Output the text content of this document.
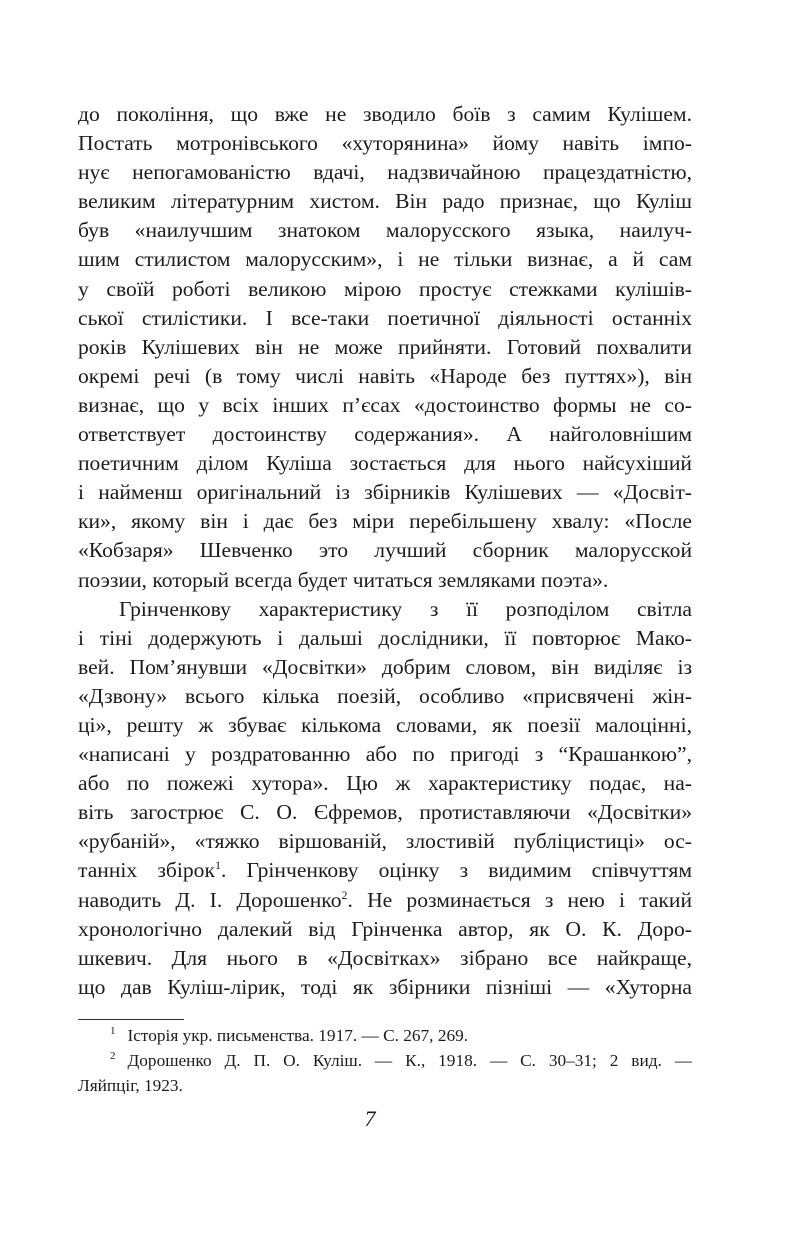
до покоління, що вже не зводило боїв з самим Кулішем.
Постать мотронівського «хуторянина» йому навіть імпо-
нує непогамованістю вдачі, надзвичайною працездатністю,
великим літературним хистом. Він радо признає, що Куліш
був «наилучшим знатоком малорусского языка, наилуч-
шим стилистом малорусским», і не тільки визнає, а й сам
у своїй роботі великою мірою простує стежками кулішів-
ської стилістики. І все-таки поетичної діяльності останніх
років Кулішевих він не може прийняти. Готовий похвалити
окремі речі (в тому числі навіть «Народе без путтях»), він
визнає, що у всіх інших п’єсах «достоинство формы не со-
ответствует достоинству содержания». А найголовнішим
поетичним ділом Куліша зостається для нього найсухіший
і найменш оригінальний із збірників Кулішевих — «Досвіт-
ки», якому він і дає без міри перебільшену хвалу: «После
«Кобзаря» Шевченко это лучший сборник малорусской
поэзии, который всегда будет читаться земляками поэта».
Грінченкову характеристику з її розподілом світла
і тіні додержують і дальші дослідники, її повторює Мако-
вей. Пом’янувши «Досвітки» добрим словом, він виділяє із
«Дзвону» всього кілька поезій, особливо «присвячені жін-
ці», решту ж збуває кількома словами, як поезії малоцінні,
«написані у роздратованню або по пригоді з “Крашанкою”,
або по пожежі хутора». Цю ж характеристику подає, на-
віть загострює С. О. Єфремов, протиставляючи «Досвітки»
«рубаній», «тяжко віршованій, злостивій публіцистиці» ос-
танніх збірок$^1$. Грінченкову оцінку з видимим співчуттям
наводить Д. І. Дорошенко$^2$. Не розминається з нею і такий
хронологічно далекий від Грінченка автор, як О. К. Доро-
шкевич. Для нього в «Досвітках» зібрано все найкраще,
що дав Куліш-лірик, тоді як збірники пізніші — «Хуторна
$^1$ Історія укр. письменства. 1917. — С. 267, 269.
$^2$ Дорошенко Д. П. О. Куліш. — К., 1918. — С. 30–31; 2 вид. —
Ляйпціг, 1923.
7
